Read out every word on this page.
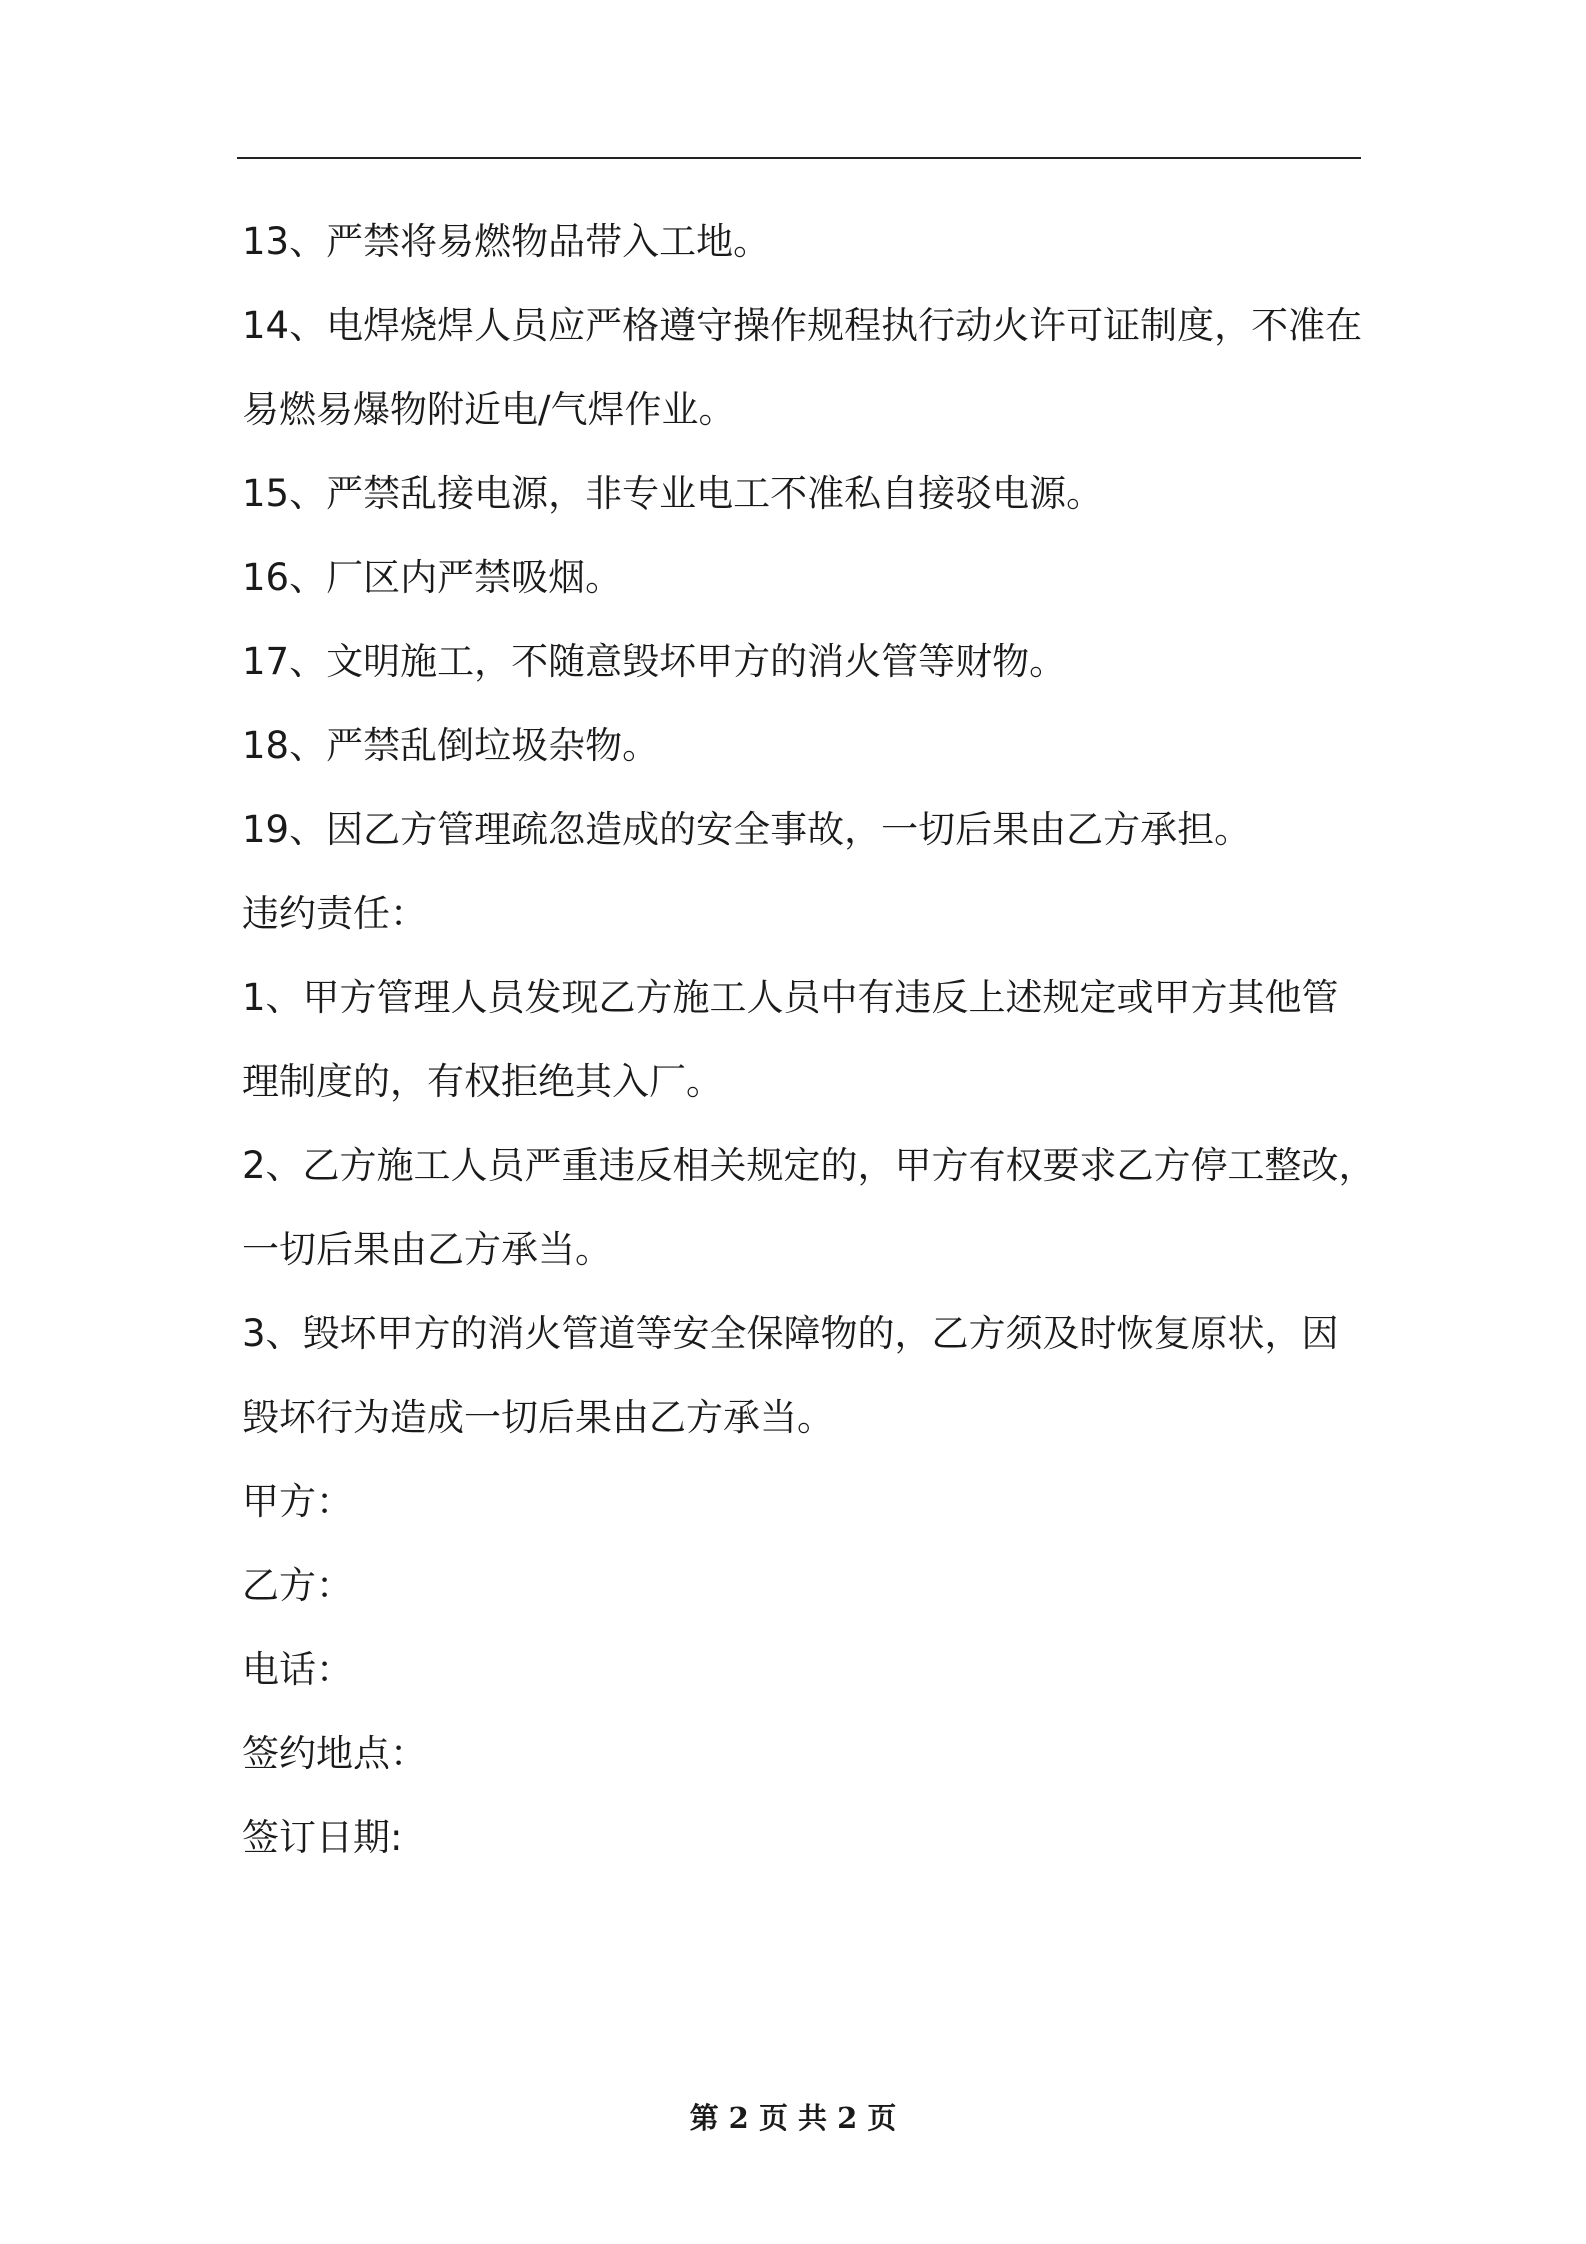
13、严禁将易燃物品带入工地。
14、电焊烧焊人员应严格遵守操作规程执行动火许可证制度，不准在
易燃易爆物附近电/气焊作业。
15、严禁乱接电源，非专业电工不准私自接驳电源。
16、厂区内严禁吸烟。
17、文明施工，不随意毁坏甲方的消火管等财物。
18、严禁乱倒垃圾杂物。
19、因乙方管理疏忽造成的安全事故，一切后果由乙方承担。
违约责任：
1、甲方管理人员发现乙方施工人员中有违反上述规定或甲方其他管
理制度的，有权拒绝其入厂。
2、乙方施工人员严重违反相关规定的，甲方有权要求乙方停工整改，
一切后果由乙方承当。
3、毁坏甲方的消火管道等安全保障物的，乙方须及时恢复原状，因
毁坏行为造成一切后果由乙方承当。
甲方：
乙方：
电话：
签约地点：
签订日期:
第 2 页 共 2 页
